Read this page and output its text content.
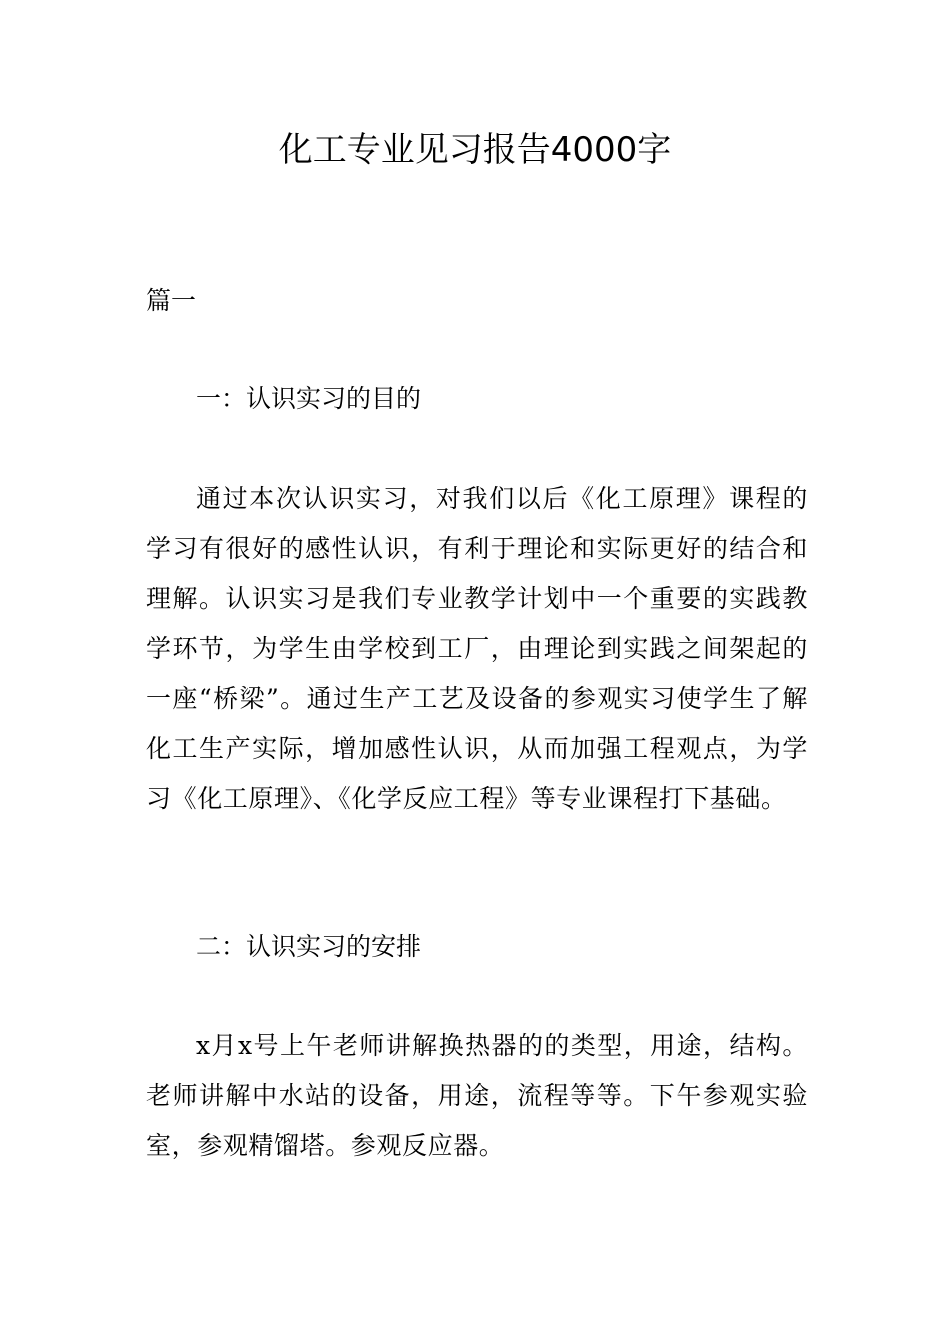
化工专业见习报告4000字

篇一

一：认识实习的目的

通过本次认识实习，对我们以后《化工原理》课程的学习有很好的感性认识，有利于理论和实际更好的结合和理解。认识实习是我们专业教学计划中一个重要的实践教学环节，为学生由学校到工厂，由理论到实践之间架起的一座“桥梁”。通过生产工艺及设备的参观实习使学生了解化工生产实际，增加感性认识，从而加强工程观点，为学习《化工原理》、《化学反应工程》等专业课程打下基础。

二：认识实习的安排

x月x号上午老师讲解换热器的的类型，用途，结构。老师讲解中水站的设备，用途，流程等等。下午参观实验室，参观精馏塔。参观反应器。
